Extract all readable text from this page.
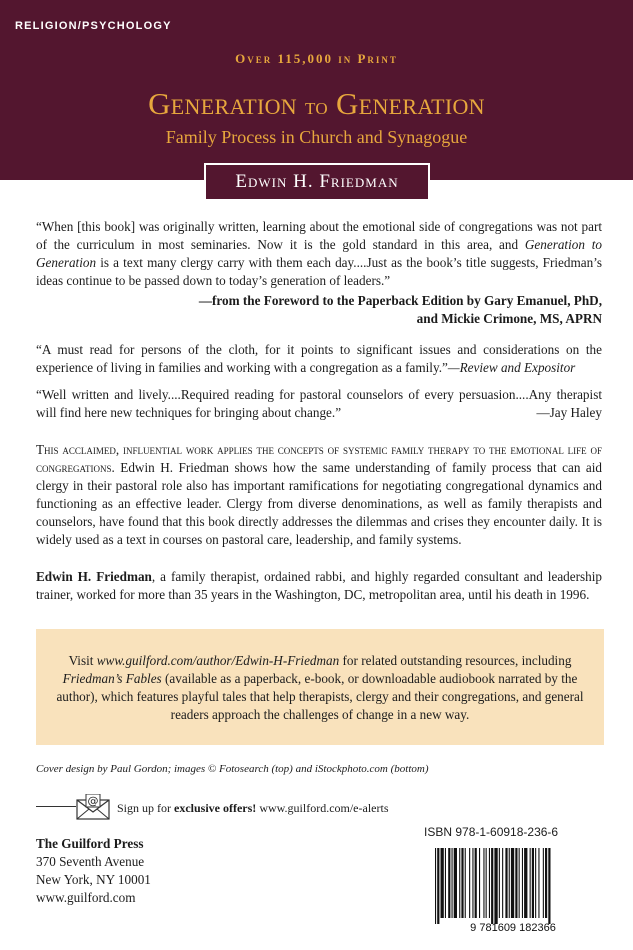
RELIGION/PSYCHOLOGY
Over 115,000 in Print
Generation to Generation
Family Process in Church and Synagogue
Edwin H. Friedman
“When [this book] was originally written, learning about the emotional side of congregations was not part of the curriculum in most seminaries. Now it is the gold standard in this area, and Generation to Generation is a text many clergy carry with them each day....Just as the book’s title suggests, Friedman’s ideas continue to be passed down to today’s generation of leaders.”
—from the Foreword to the Paperback Edition by Gary Emanuel, PhD,
and Mickie Crimone, MS, APRN
“A must read for persons of the cloth, for it points to significant issues and considerations on the experience of living in families and working with a congregation as a family.”—Review and Expositor
“Well written and lively....Required reading for pastoral counselors of every persuasion....Any therapist will find here new techniques for bringing about change.”	—Jay Haley
This acclaimed, influential work applies the concepts of systemic family therapy to the emotional life of congregations. Edwin H. Friedman shows how the same understanding of family process that can aid clergy in their pastoral role also has important ramifications for negotiating congregational dynamics and functioning as an effective leader. Clergy from diverse denominations, as well as family therapists and counselors, have found that this book directly addresses the dilemmas and crises they encounter daily. It is widely used as a text in courses on pastoral care, leadership, and family systems.
Edwin H. Friedman, a family therapist, ordained rabbi, and highly regarded consultant and leadership trainer, worked for more than 35 years in the Washington, DC, metropolitan area, until his death in 1996.

Visit www.guilford.com/author/Edwin-H-Friedman for related outstanding resources, including Friedman’s Fables (available as a paperback, e-book, or downloadable audiobook narrated by the author), which features playful tales that help therapists, clergy and their congregations, and general readers approach the challenges of change in a new way.

Cover design by Paul Gordon; images © Fotosearch (top) and iStockphoto.com (bottom)
@ Sign up for exclusive offers! www.guilford.com/e-alerts
ISBN 978-1-60918-236-6
9 781609 182366
The Guilford Press
370 Seventh Avenue
New York, NY 10001
www.guilford.com
